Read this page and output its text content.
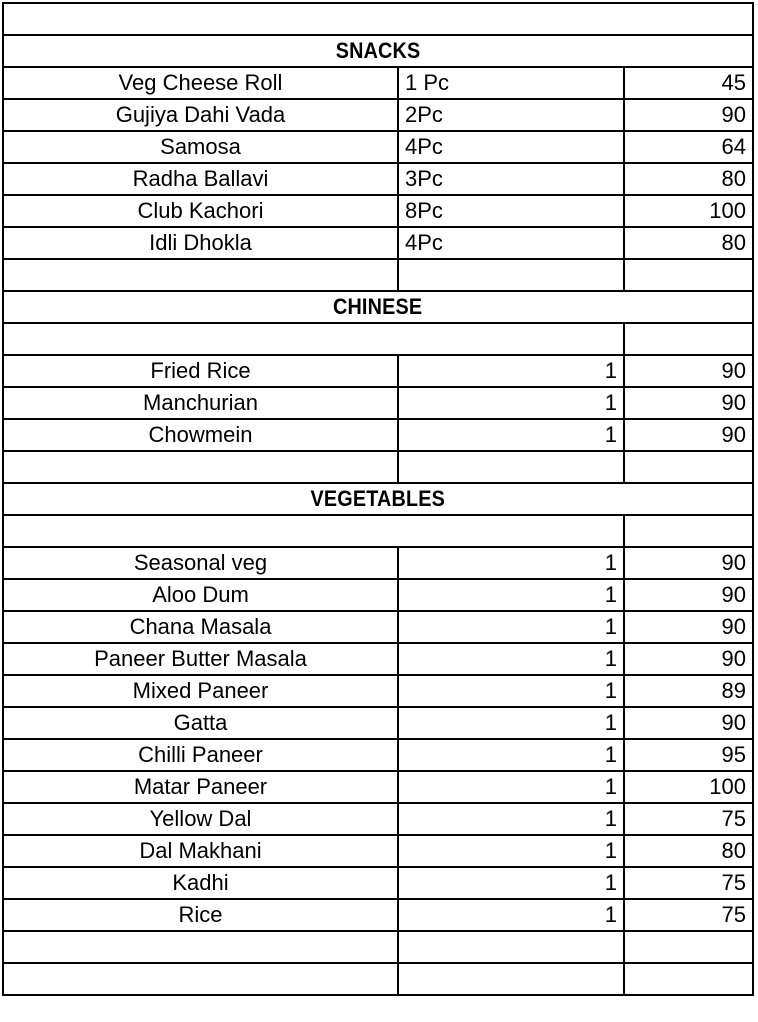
SNACKS		
Veg Cheese Roll	1 Pc	45
Gujiya Dahi Vada	2Pc	90
Samosa	4Pc	64
Radha Ballavi	3Pc	80
Club Kachori	8Pc	100
Idli Dhokla	4Pc	80

CHINESE		

Fried Rice	1	90
Manchurian	1	90
Chowmein	1	90

VEGETABLES		

Seasonal veg	1	90
Aloo Dum	1	90
Chana Masala	1	90
Paneer Butter Masala	1	90
Mixed Paneer	1	89
Gatta	1	90
Chilli Paneer	1	95
Matar Paneer	1	100
Yellow Dal	1	75
Dal Makhani	1	80
Kadhi	1	75
Rice	1	75
